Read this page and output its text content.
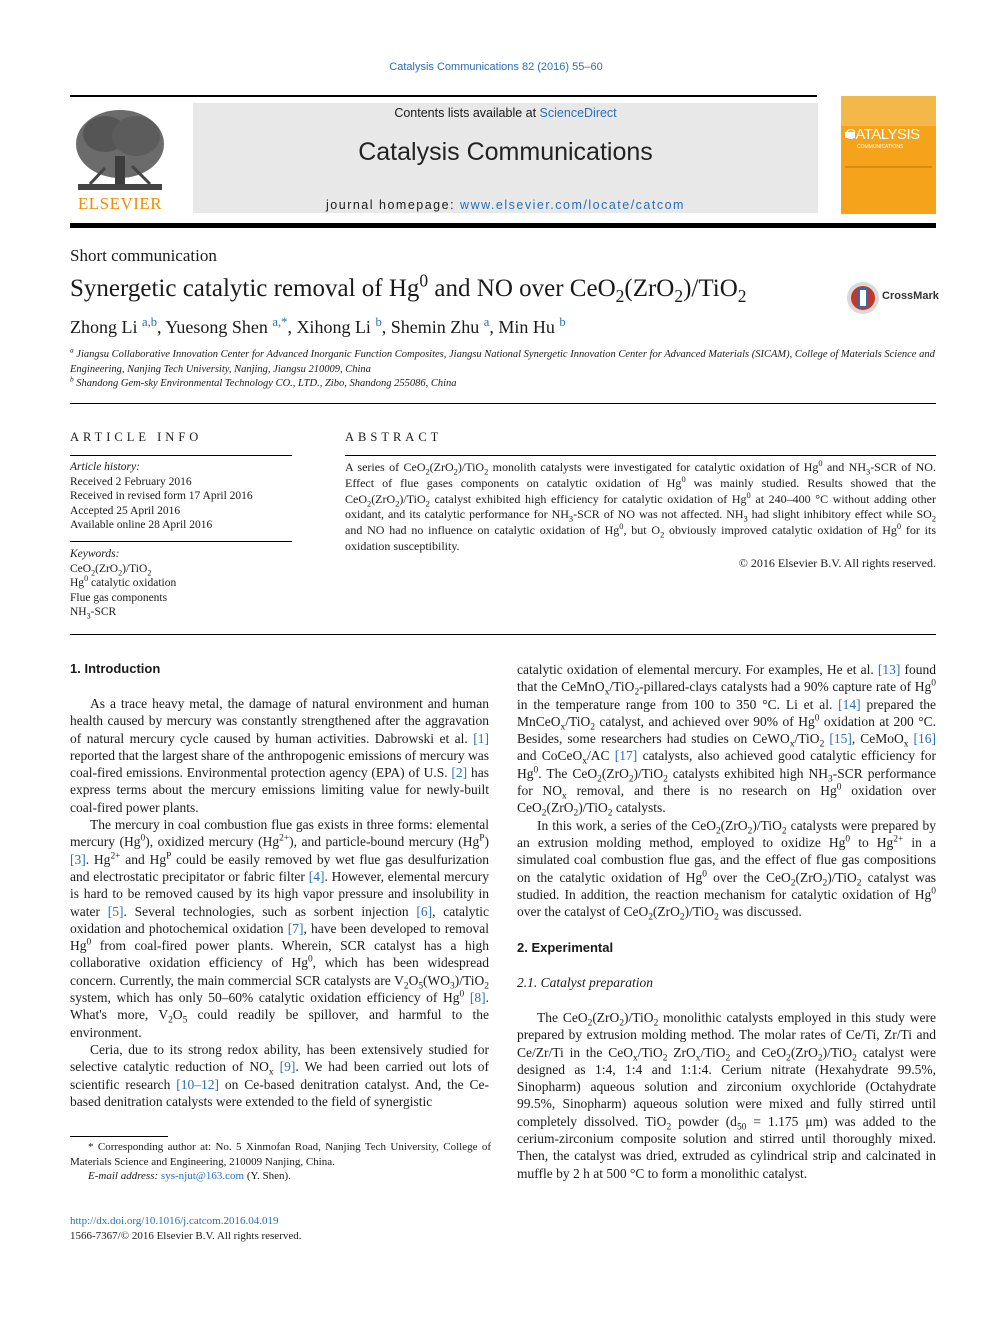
Catalysis Communications 82 (2016) 55–60
ELSEVIER
Contents lists available at ScienceDirect
Catalysis Communications
journal homepage: www.elsevier.com/locate/catcom
CATALYSIS
COMMUNICATIONS
Short communication
Synergetic catalytic removal of Hg$^0$ and NO over CeO$_2$(ZrO$_2$)/TiO$_2$	CrossMark
Zhong Li $^{a,b}$, Yuesong Shen $^{a,*}$, Xihong Li $^b$, Shemin Zhu $^a$, Min Hu $^b$
$^a$ Jiangsu Collaborative Innovation Center for Advanced Inorganic Function Composites, Jiangsu National Synergetic Innovation Center for Advanced Materials (SICAM), College of Materials Science and Engineering, Nanjing Tech University, Nanjing, Jiangsu 210009, China
$^b$ Shandong Gem-sky Environmental Technology CO., LTD., Zibo, Shandong 255086, China
ARTICLE INFO
Article history:
Received 2 February 2016
Received in revised form 17 April 2016
Accepted 25 April 2016
Available online 28 April 2016
Keywords:
CeO$_2$(ZrO$_2$)/TiO$_2$
Hg$^0$ catalytic oxidation
Flue gas components
$NH_3$-SCR
ABSTRACT
A series of CeO$_2$(ZrO$_2$)/TiO$_2$ monolith catalysts were investigated for catalytic oxidation of Hg$^0$ and $NH_3$-SCR of NO. Effect of flue gases components on catalytic oxidation of Hg$^0$ was mainly studied. Results showed that the CeO$_2$(ZrO$_2$)/TiO$_2$ catalyst exhibited high efficiency for catalytic oxidation of Hg$^0$ at 240–400 °C without adding other oxidant, and its catalytic performance for $NH_3$-SCR of NO was not affected. $NH_3$ had slight inhibitory effect while $SO_2$ and NO had no influence on catalytic oxidation of Hg$^0$, but $O_2$ obviously improved catalytic oxidation of Hg$^0$ for its oxidation susceptibility.
© 2016 Elsevier B.V. All rights reserved.
1. Introduction

As a trace heavy metal, the damage of natural environment and human health caused by mercury was constantly strengthened after the aggravation of natural mercury cycle caused by human activities. Dabrowski et al. [1] reported that the largest share of the anthropogenic emissions of mercury was coal-fired emissions. Environmental protection agency (EPA) of U.S. [2] has express terms about the mercury emissions limiting value for newly-built coal-fired power plants.

The mercury in coal combustion flue gas exists in three forms: elemental mercury (Hg$^0$), oxidized mercury $(Hg^{2+})$, and particle-bound mercury $(Hg^P)$ [3]. $Hg^{2+}$ and $Hg^P$ could be easily removed by wet flue gas desulfurization and electrostatic precipitator or fabric filter [4]. However, elemental mercury is hard to be removed caused by its high vapor pressure and insolubility in water [5]. Several technologies, such as sorbent injection [6], catalytic oxidation and photochemical oxidation [7], have been developed to removal Hg$^0$ from coal-fired power plants. Wherein, SCR catalyst has a high collaborative oxidation efficiency of Hg$^0$, which has been widespread concern. Currently, the main commercial SCR catalysts are $V_2O_5(WO_3)/TiO_2$ system, which has only 50–60% catalytic oxidation efficiency of Hg$^0$ [8]. What's more, $V_2O_5$ could readily be spillover, and harmful to the environment.

Ceria, due to its strong redox ability, has been extensively studied for selective catalytic reduction of $NO_x$ [9]. We had been carried out lots of scientific research [10–12] on Ce-based denitration catalyst. And, the Ce-based denitration catalysts were extended to the field of synergistic

* Corresponding author at: No. 5 Xinmofan Road, Nanjing Tech University, College of Materials Science and Engineering, 210009 Nanjing, China.
E-mail address: sys-njut@163.com (Y. Shen).
http://dx.doi.org/10.1016/j.catcom.2016.04.019
1566-7367/© 2016 Elsevier B.V. All rights reserved.

catalytic oxidation of elemental mercury. For examples, He et al. [13] found that the CeMnO$_x$/TiO$_2$-pillared-clays catalysts had a 90% capture rate of Hg$^0$ in the temperature range from 100 to 350 °C. Li et al. [14] prepared the MnCeO$_x$/TiO$_2$ catalyst, and achieved over 90% of Hg$^0$ oxidation at 200 °C. Besides, some researchers had studies on CeWO$_x$/TiO$_2$ [15], CeMoO$_x$ [16] and CoCeO$_x$/AC [17] catalysts, also achieved good catalytic efficiency for Hg$^0$. The CeO$_2$(ZrO$_2$)/TiO$_2$ catalysts exhibited high $NH_3$-SCR performance for $NO_x$ removal, and there is no research on Hg$^0$ oxidation over CeO$_2$(ZrO$_2$)/TiO$_2$ catalysts.

In this work, a series of the CeO$_2$(ZrO$_2$)/TiO$_2$ catalysts were prepared by an extrusion molding method, employed to oxidize Hg$^0$ to $Hg^{2+}$ in a simulated coal combustion flue gas, and the effect of flue gas compositions on the catalytic oxidation of Hg$^0$ over the CeO$_2$(ZrO$_2$)/TiO$_2$ catalyst was studied. In addition, the reaction mechanism for catalytic oxidation of Hg$^0$ over the catalyst of CeO$_2$(ZrO$_2$)/TiO$_2$ was discussed.

2. Experimental
2.1. Catalyst preparation

The CeO$_2$(ZrO$_2$)/TiO$_2$ monolithic catalysts employed in this study were prepared by extrusion molding method. The molar rates of Ce/Ti, Zr/Ti and Ce/Zr/Ti in the CeO$_x$/TiO$_2$ ZrO$_x$/TiO$_2$ and CeO$_2$(ZrO$_2$)/TiO$_2$ catalyst were designed as 1:4, 1:4 and 1:1:4. Cerium nitrate (Hexahydrate 99.5%, Sinopharm) aqueous solution and zirconium oxychloride (Octahydrate 99.5%, Sinopharm) aqueous solution were mixed and fully stirred until completely dissolved. TiO$_2$ powder ($d_{50} = 1.175$ μm) was added to the cerium-zirconium composite solution and stirred until thoroughly mixed. Then, the catalyst was dried, extruded as cylindrical strip and calcinated in muffle by 2 h at 500 °C to form a monolithic catalyst.
